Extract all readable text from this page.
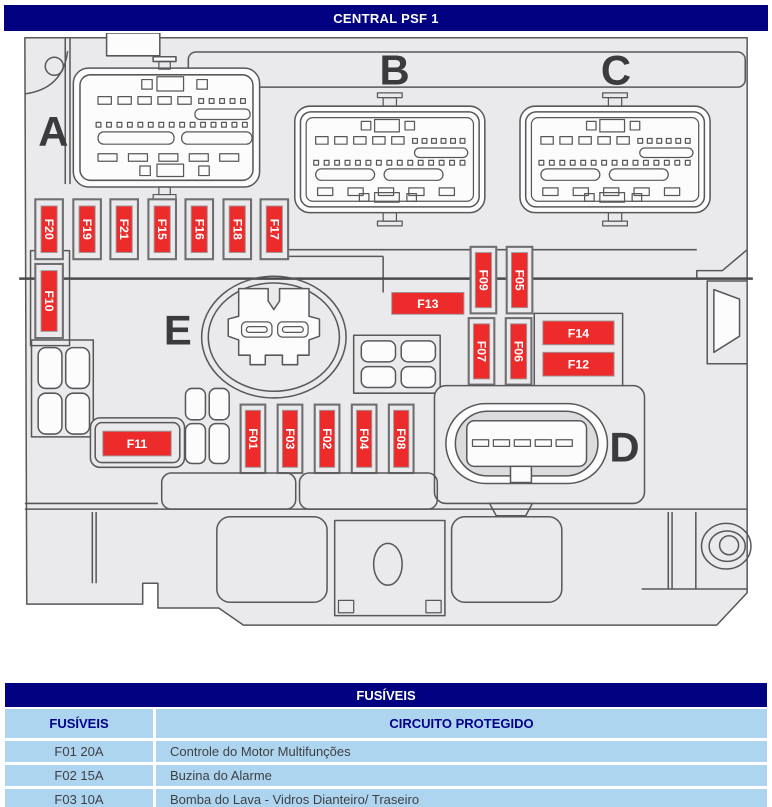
CENTRAL PSF 1
B	C
A
F20 F19 F21 F15 F16 F18 F17
F10
E
F13
F09 F05
F07 F06
F14
F12
F11	F01 F03 F02 F04 F08	D
FUSÍVEIS
FUSÍVEIS	CIRCUITO PROTEGIDO
F01 20A	Controle do Motor Multifunções
F02 15A	Buzina do Alarme
F03 10A	Bomba do Lava - Vidros Dianteiro/ Traseiro
